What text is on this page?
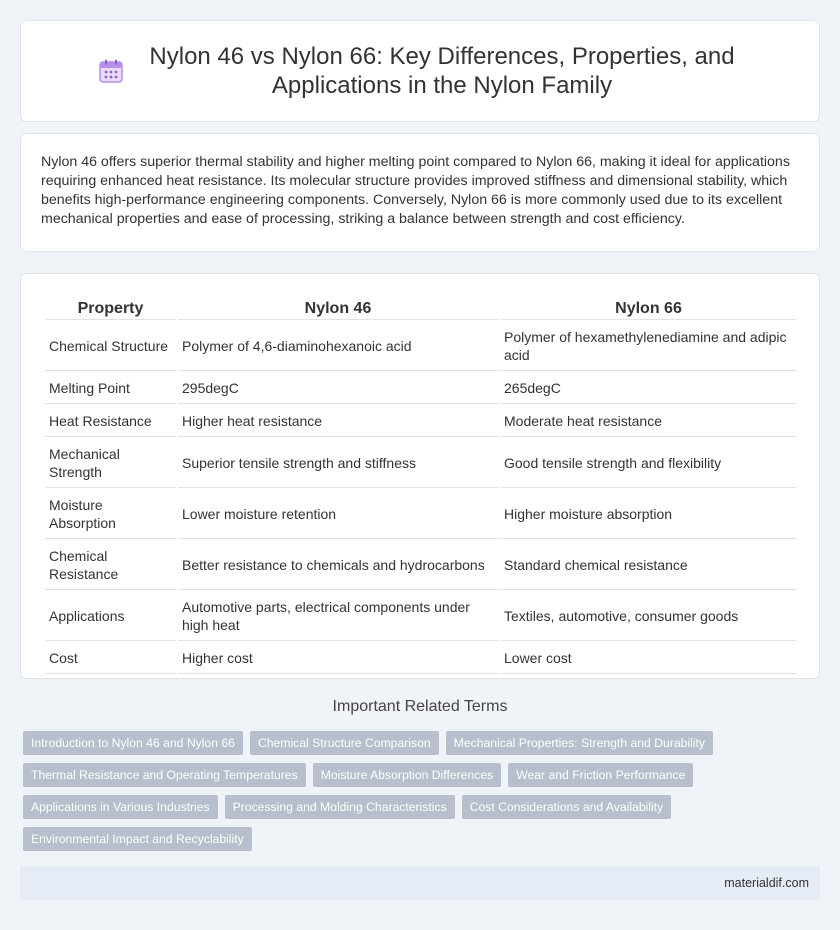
Nylon 46 vs Nylon 66: Key Differences, Properties, and Applications in the Nylon Family

Nylon 46 offers superior thermal stability and higher melting point compared to Nylon 66, making it ideal for applications requiring enhanced heat resistance. Its molecular structure provides improved stiffness and dimensional stability, which benefits high-performance engineering components. Conversely, Nylon 66 is more commonly used due to its excellent mechanical properties and ease of processing, striking a balance between strength and cost efficiency.

Property	Nylon 46	Nylon 66
Chemical Structure	Polymer of 4,6-diaminohexanoic acid	Polymer of hexamethylenediamine and adipic acid
Melting Point	295degC	265degC
Heat Resistance	Higher heat resistance	Moderate heat resistance
Mechanical Strength	Superior tensile strength and stiffness	Good tensile strength and flexibility
Moisture Absorption	Lower moisture retention	Higher moisture absorption
Chemical Resistance	Better resistance to chemicals and hydrocarbons	Standard chemical resistance
Applications	Automotive parts, electrical components under high heat	Textiles, automotive, consumer goods
Cost	Higher cost	Lower cost
Important Related Terms
Introduction to Nylon 46 and Nylon 66	Chemical Structure Comparison	Mechanical Properties: Strength and Durability
Thermal Resistance and Operating Temperatures	Moisture Absorption Differences	Wear and Friction Performance
Applications in Various Industries	Processing and Molding Characteristics	Cost Considerations and Availability
Environmental Impact and Recyclability
materialdif.com
